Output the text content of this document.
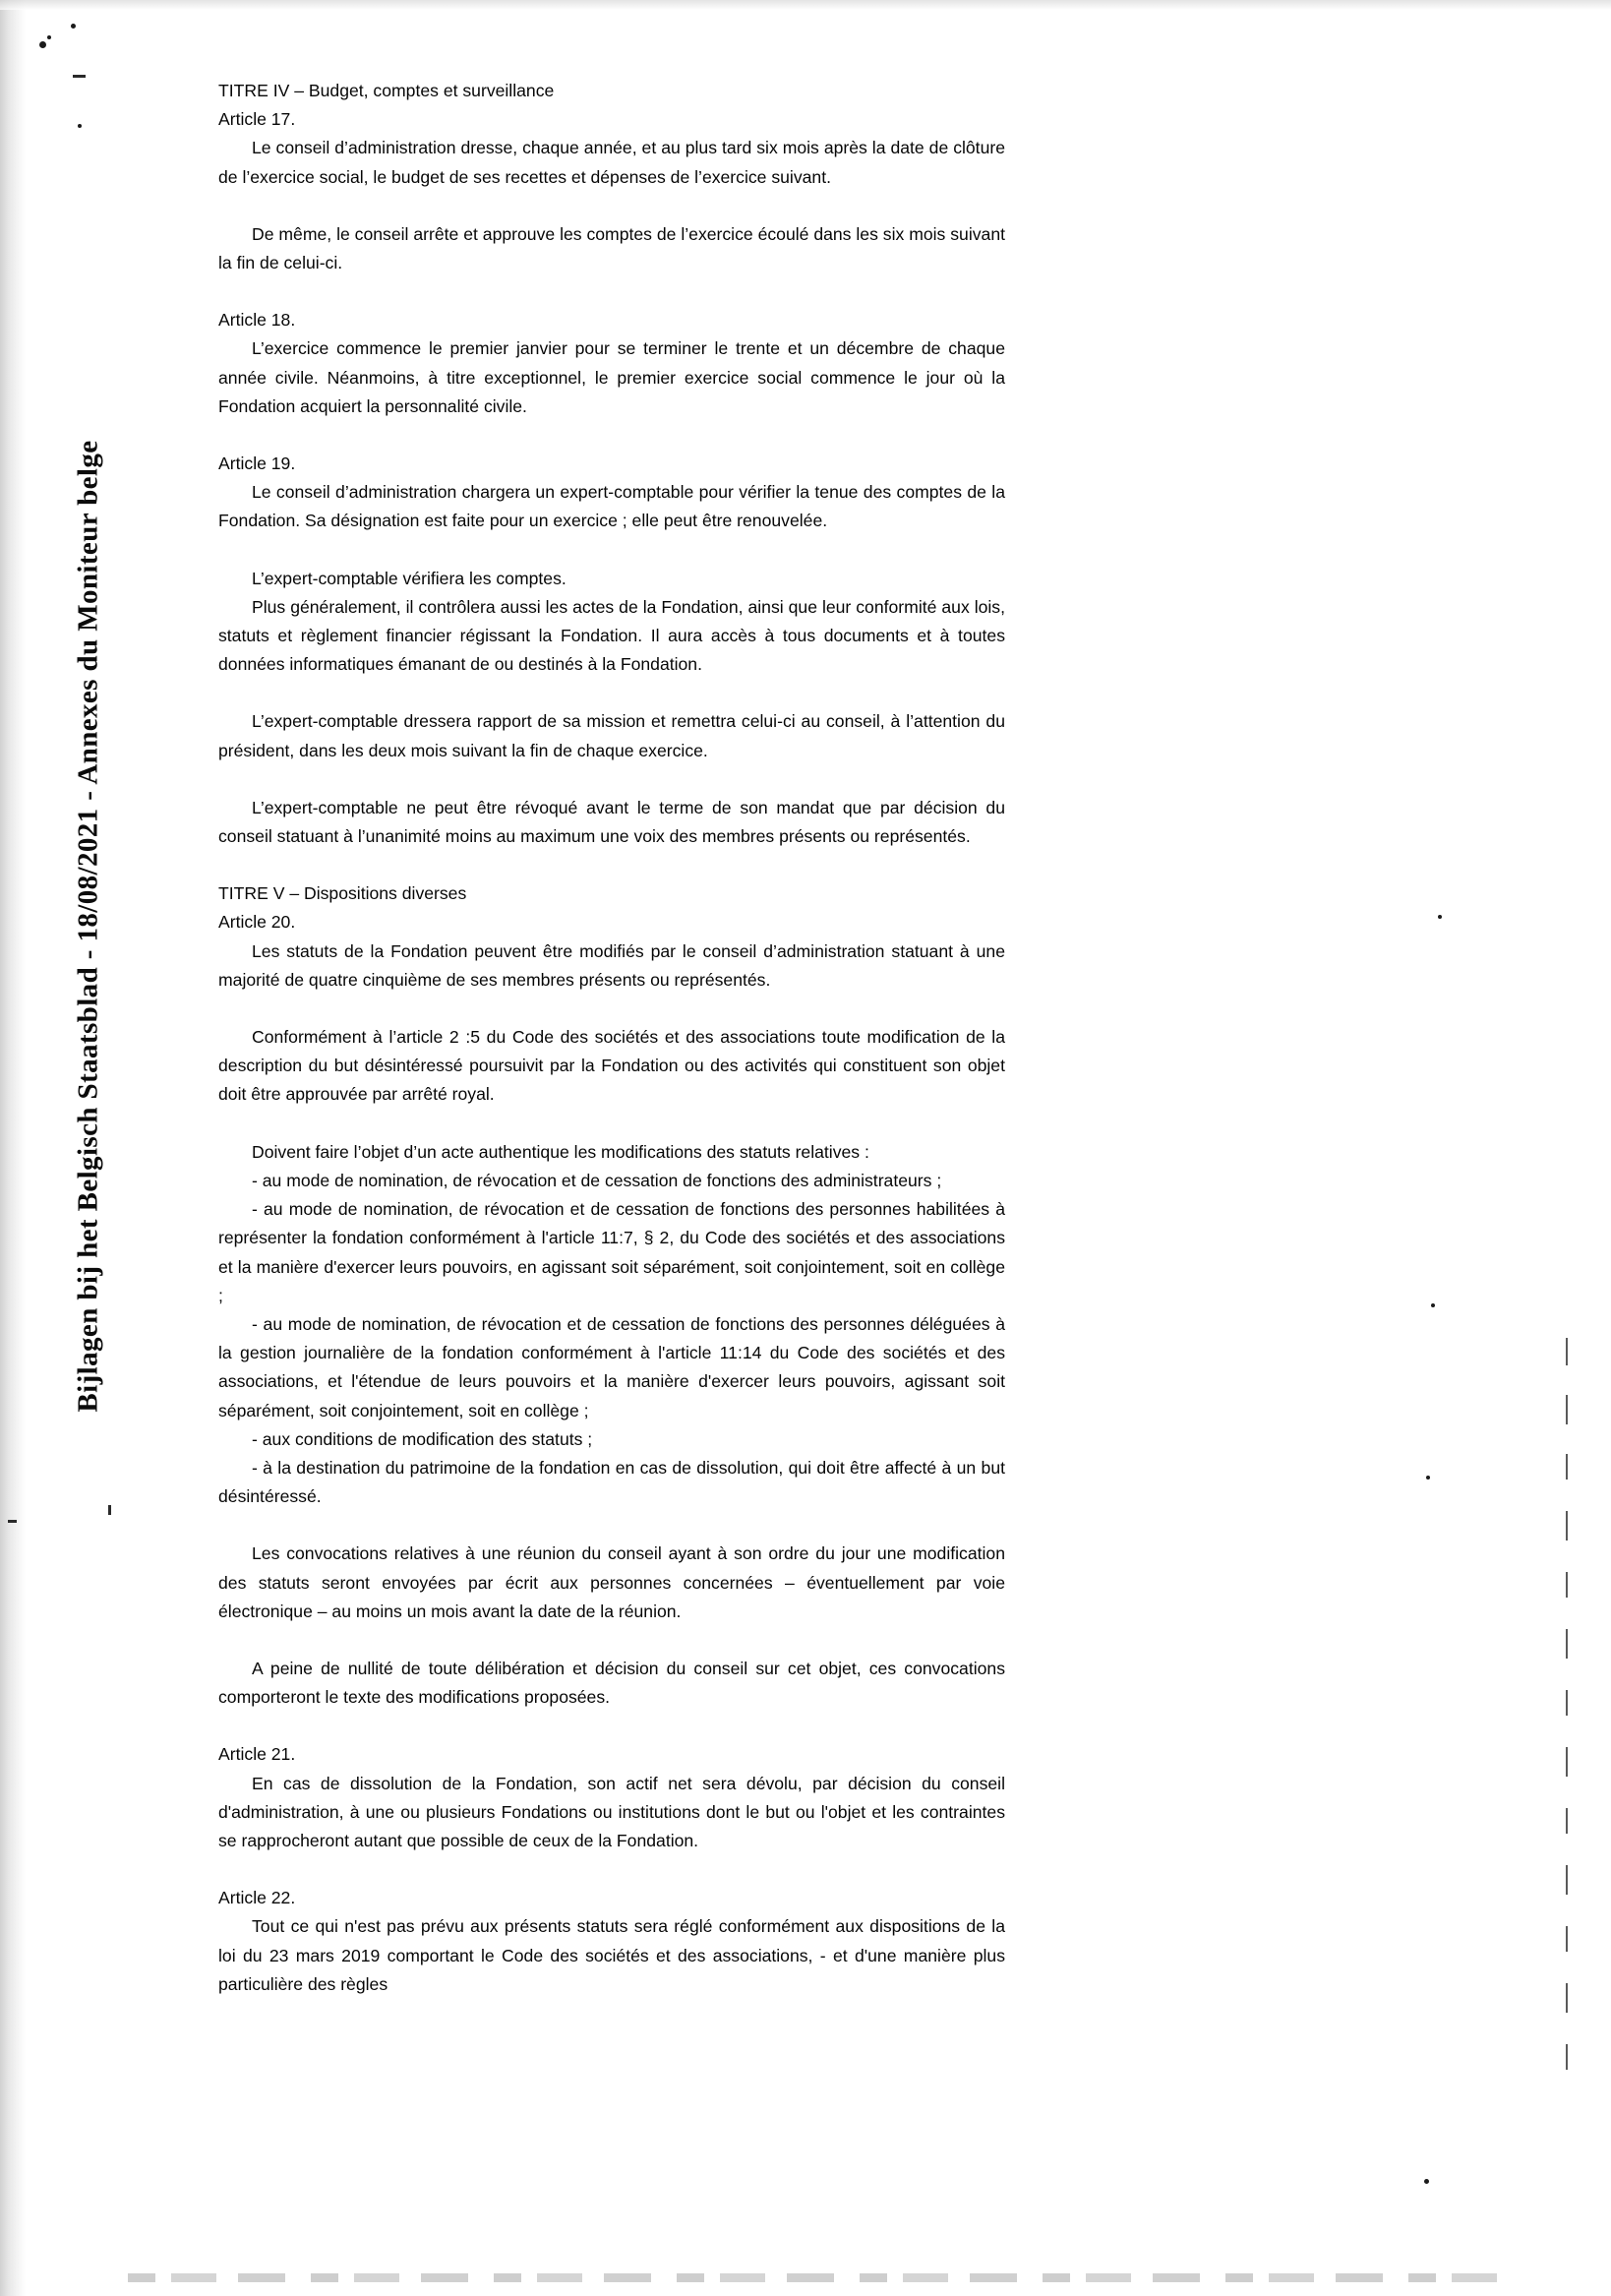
Bijlagen bij het Belgisch Staatsblad - 18/08/2021 - Annexes du Moniteur belge
TITRE IV – Budget, comptes et surveillance
Article 17.
Le conseil d’administration dresse, chaque année, et au plus tard six mois après la date de clôture de l’exercice social, le budget de ses recettes et dépenses de l’exercice suivant.
De même, le conseil arrête et approuve les comptes de l’exercice écoulé dans les six mois suivant la fin de celui-ci.
Article 18.
L’exercice commence le premier janvier pour se terminer le trente et un décembre de chaque année civile. Néanmoins, à titre exceptionnel, le premier exercice social commence le jour où la Fondation acquiert la personnalité civile.
Article 19.
Le conseil d’administration chargera un expert-comptable pour vérifier la tenue des comptes de la Fondation. Sa désignation est faite pour un exercice ; elle peut être renouvelée.
L’expert-comptable vérifiera les comptes.
Plus généralement, il contrôlera aussi les actes de la Fondation, ainsi que leur conformité aux lois, statuts et règlement financier régissant la Fondation. Il aura accès à tous documents et à toutes données informatiques émanant de ou destinés à la Fondation.
L’expert-comptable dressera rapport de sa mission et remettra celui-ci au conseil, à l’attention du président, dans les deux mois suivant la fin de chaque exercice.
L’expert-comptable ne peut être révoqué avant le terme de son mandat que par décision du conseil statuant à l’unanimité moins au maximum une voix des membres présents ou représentés.
TITRE V – Dispositions diverses
Article 20.
Les statuts de la Fondation peuvent être modifiés par le conseil d’administration statuant à une majorité de quatre cinquième de ses membres présents ou représentés.
Conformément à l’article 2 :5 du Code des sociétés et des associations toute modification de la description du but désintéressé poursuivit par la Fondation ou des activités qui constituent son objet doit être approuvée par arrêté royal.
Doivent faire l’objet d’un acte authentique les modifications des statuts relatives :
- au mode de nomination, de révocation et de cessation de fonctions des administrateurs ;
- au mode de nomination, de révocation et de cessation de fonctions des personnes habilitées à représenter la fondation conformément à l'article 11:7, § 2, du Code des sociétés et des associations et la manière d'exercer leurs pouvoirs, en agissant soit séparément, soit conjointement, soit en collège ;
- au mode de nomination, de révocation et de cessation de fonctions des personnes déléguées à la gestion journalière de la fondation conformément à l'article 11:14 du Code des sociétés et des associations, et l'étendue de leurs pouvoirs et la manière d'exercer leurs pouvoirs, agissant soit séparément, soit conjointement, soit en collège ;
- aux conditions de modification des statuts ;
- à la destination du patrimoine de la fondation en cas de dissolution, qui doit être affecté à un but désintéressé.
Les convocations relatives à une réunion du conseil ayant à son ordre du jour une modification des statuts seront envoyées par écrit aux personnes concernées – éventuellement par voie électronique – au moins un mois avant la date de la réunion.
A peine de nullité de toute délibération et décision du conseil sur cet objet, ces convocations comporteront le texte des modifications proposées.
Article 21.
En cas de dissolution de la Fondation, son actif net sera dévolu, par décision du conseil d'administration, à une ou plusieurs Fondations ou institutions dont le but ou l'objet et les contraintes se rapprocheront autant que possible de ceux de la Fondation.
Article 22.
Tout ce qui n'est pas prévu aux présents statuts sera réglé conformément aux dispositions de la loi du 23 mars 2019 comportant le Code des sociétés et des associations, - et d'une manière plus particulière des règles
